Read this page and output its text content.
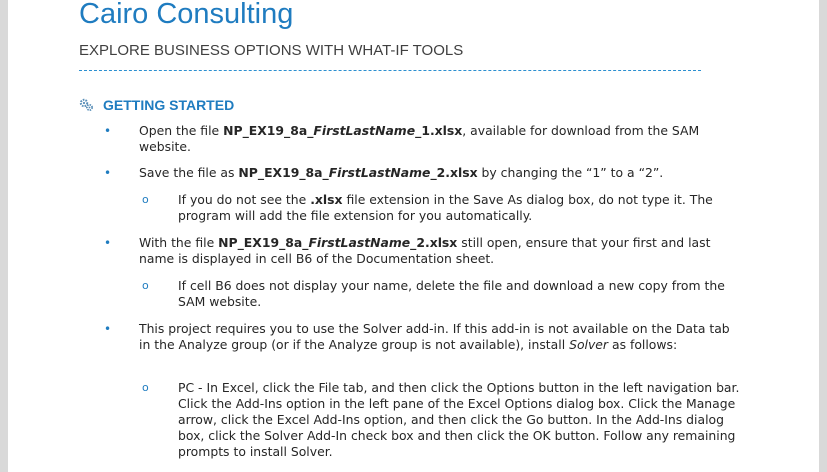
Cairo Consulting
EXPLORE BUSINESS OPTIONS WITH WHAT-IF TOOLS
GETTING STARTED
• Open the file NP_EX19_8a_FirstLastName_1.xlsx, available for download from the SAM website.
• Save the file as NP_EX19_8a_FirstLastName_2.xlsx by changing the “1” to a “2”.
o If you do not see the .xlsx file extension in the Save As dialog box, do not type it. The program will add the file extension for you automatically.
• With the file NP_EX19_8a_FirstLastName_2.xlsx still open, ensure that your first and last name is displayed in cell B6 of the Documentation sheet.
o If cell B6 does not display your name, delete the file and download a new copy from the SAM website.
• This project requires you to use the Solver add-in. If this add-in is not available on the Data tab in the Analyze group (or if the Analyze group is not available), install Solver as follows:
o PC - In Excel, click the File tab, and then click the Options button in the left navigation bar. Click the Add-Ins option in the left pane of the Excel Options dialog box. Click the Manage arrow, click the Excel Add-Ins option, and then click the Go button. In the Add-Ins dialog box, click the Solver Add-In check box and then click the OK button. Follow any remaining prompts to install Solver.
